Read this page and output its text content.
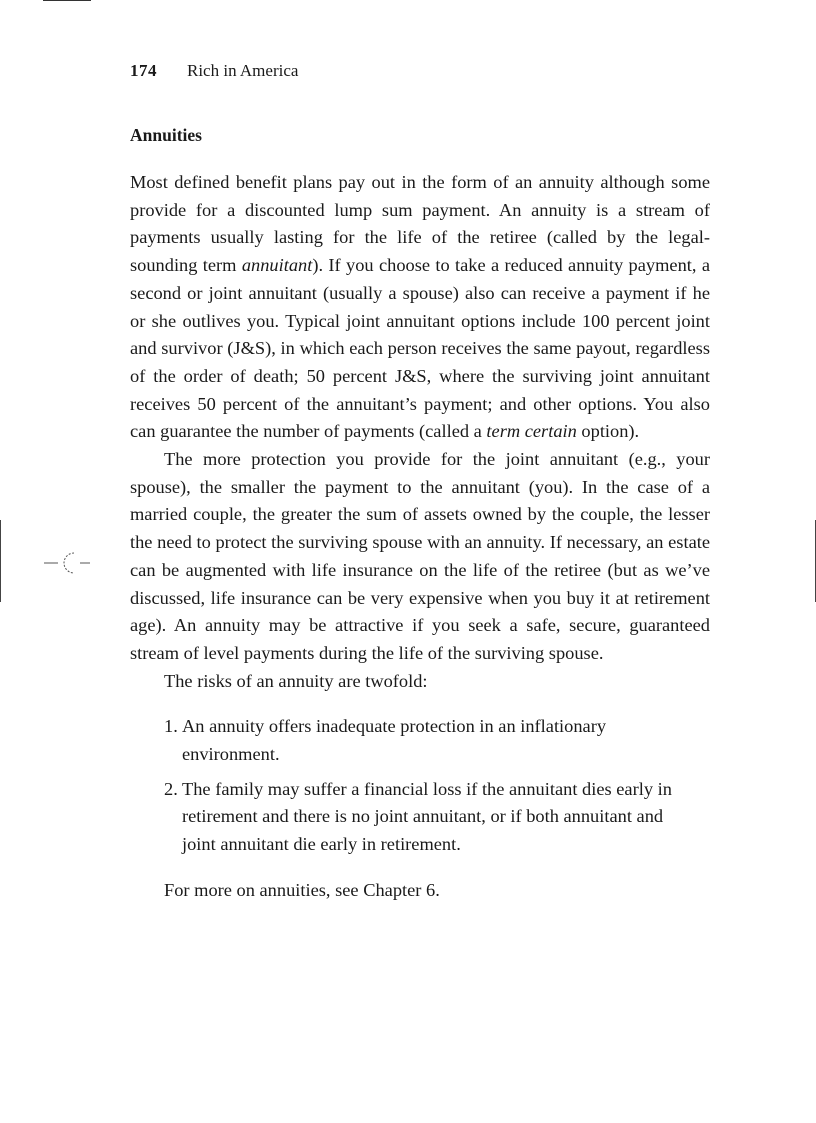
174 Rich in America
Annuities

Most defined benefit plans pay out in the form of an annuity although some provide for a discounted lump sum payment. An annuity is a stream of payments usually lasting for the life of the retiree (called by the legal-sounding term annuitant). If you choose to take a reduced annuity payment, a second or joint annuitant (usually a spouse) also can receive a payment if he or she outlives you. Typical joint annuitant options include 100 percent joint and survivor (J&S), in which each person receives the same payout, regardless of the order of death; 50 percent J&S, where the surviving joint annuitant receives 50 percent of the annuitant’s payment; and other options. You also can guarantee the number of payments (called a term certain option).

The more protection you provide for the joint annuitant (e.g., your spouse), the smaller the payment to the annuitant (you). In the case of a married couple, the greater the sum of assets owned by the couple, the lesser the need to protect the surviving spouse with an annuity. If necessary, an estate can be augmented with life insurance on the life of the retiree (but as we’ve discussed, life insurance can be very expensive when you buy it at retirement age). An annuity may be attractive if you seek a safe, secure, guaranteed stream of level payments during the life of the surviving spouse.

The risks of an annuity are twofold:

1. An annuity offers inadequate protection in an inflationary environment.
2. The family may suffer a financial loss if the annuitant dies early in retirement and there is no joint annuitant, or if both annuitant and joint annuitant die early in retirement.

For more on annuities, see Chapter 6.
